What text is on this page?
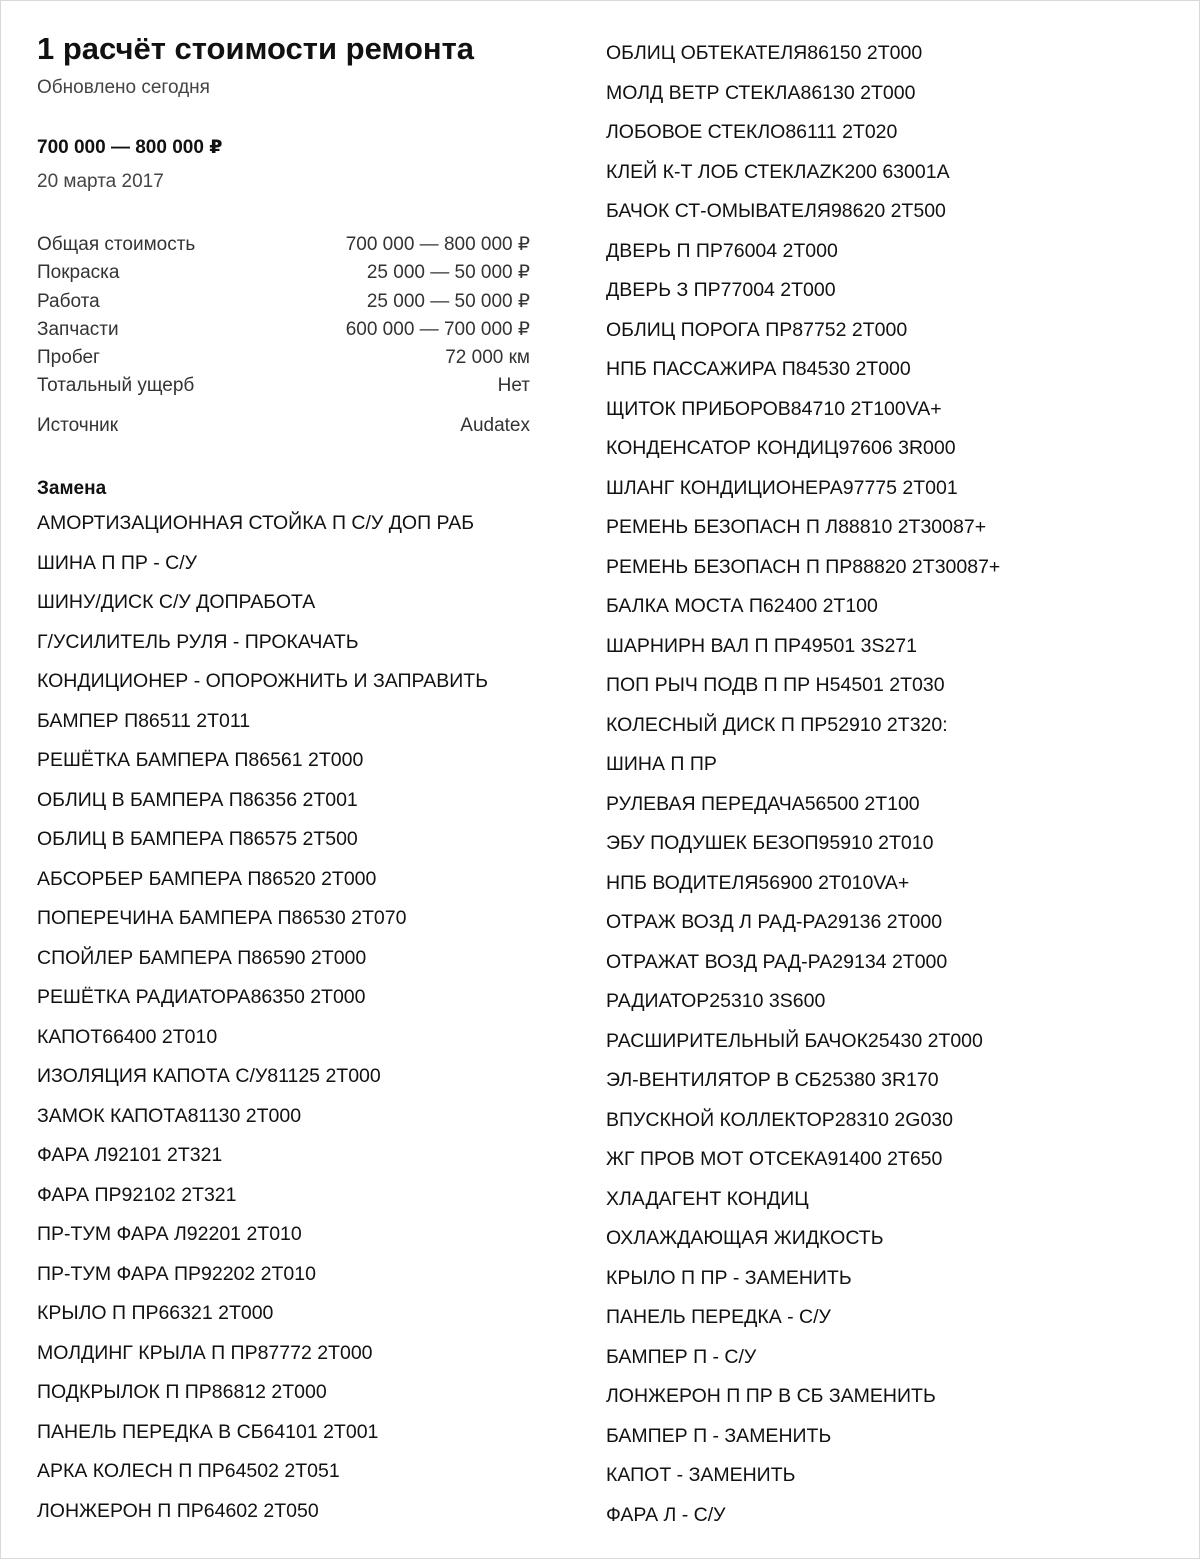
1 расчёт стоимости ремонта
Обновлено сегодня
700 000 — 800 000 ₽
20 марта 2017
Общая стоимость	700 000 — 800 000 ₽
Покраска	25 000 — 50 000 ₽
Работа	25 000 — 50 000 ₽
Запчасти	600 000 — 700 000 ₽
Пробег	72 000 км
Тотальный ущерб	Нет
Источник	Audatex
Замена
АМОРТИЗАЦИОННАЯ СТОЙКА П С/У ДОП РАБ
ШИНА П ПР - С/У
ШИНУ/ДИСК С/У ДОПРАБОТА
Г/УСИЛИТЕЛЬ РУЛЯ - ПРОКАЧАТЬ
КОНДИЦИОНЕР - ОПОРОЖНИТЬ И ЗАПРАВИТЬ
БАМПЕР П86511 2Т011
РЕШЁТКА БАМПЕРА П86561 2Т000
ОБЛИЦ В БАМПЕРА П86356 2Т001
ОБЛИЦ В БАМПЕРА П86575 2Т500
АБСОРБЕР БАМПЕРА П86520 2Т000
ПОПЕРЕЧИНА БАМПЕРА П86530 2Т070
СПОЙЛЕР БАМПЕРА П86590 2Т000
РЕШЁТКА РАДИАТОРА86350 2Т000
КАПОТ66400 2Т010
ИЗОЛЯЦИЯ КАПОТА С/У81125 2Т000
ЗАМОК КАПОТА81130 2Т000
ФАРА Л92101 2Т321
ФАРА ПР92102 2Т321
ПР-ТУМ ФАРА Л92201 2Т010
ПР-ТУМ ФАРА ПР92202 2Т010
КРЫЛО П ПР66321 2Т000
МОЛДИНГ КРЫЛА П ПР87772 2Т000
ПОДКРЫЛОК П ПР86812 2Т000
ПАНЕЛЬ ПЕРЕДКА В СБ64101 2Т001
АРКА КОЛЕСН П ПР64502 2Т051
ЛОНЖЕРОН П ПР64602 2Т050
ОБЛИЦ ОБТЕКАТЕЛЯ86150 2Т000
МОЛД ВЕТР СТЕКЛА86130 2Т000
ЛОБОВОЕ СТЕКЛО86111 2Т020
КЛЕЙ К-Т ЛОБ СТЕКЛАZK200 63001A
БАЧОК СТ-ОМЫВАТЕЛЯ98620 2Т500
ДВЕРЬ П ПР76004 2Т000
ДВЕРЬ З ПР77004 2Т000
ОБЛИЦ ПОРОГА ПР87752 2Т000
НПБ ПАССАЖИРА П84530 2Т000
ЩИТОК ПРИБОРОВ84710 2Т100VA+
КОНДЕНСАТОР КОНДИЦ97606 3R000
ШЛАНГ КОНДИЦИОНЕРА97775 2Т001
РЕМЕНЬ БЕЗОПАСН П Л88810 2Т30087+
РЕМЕНЬ БЕЗОПАСН П ПР88820 2Т30087+
БАЛКА МОСТА П62400 2Т100
ШАРНИРН ВАЛ П ПР49501 3S271
ПОП РЫЧ ПОДВ П ПР H54501 2Т030
КОЛЕСНЫЙ ДИСК П ПР52910 2Т320:
ШИНА П ПР
РУЛЕВАЯ ПЕРЕДАЧА56500 2Т100
ЭБУ ПОДУШЕК БЕЗОП95910 2Т010
НПБ ВОДИТЕЛЯ56900 2Т010VA+
ОТРАЖ ВОЗД Л РАД-РА29136 2Т000
ОТРАЖАТ ВОЗД РАД-РА29134 2Т000
РАДИАТОР25310 3S600
РАСШИРИТЕЛЬНЫЙ БАЧОК25430 2Т000
ЭЛ-ВЕНТИЛЯТОР В СБ25380 3R170
ВПУСКНОЙ КОЛЛЕКТОР28310 2G030
ЖГ ПРОВ МОТ ОТСЕКА91400 2Т650
ХЛАДАГЕНТ КОНДИЦ
ОХЛАЖДАЮЩАЯ ЖИДКОСТЬ
КРЫЛО П ПР - ЗАМЕНИТЬ
ПАНЕЛЬ ПЕРЕДКА - С/У
БАМПЕР П - С/У
ЛОНЖЕРОН П ПР В СБ ЗАМЕНИТЬ
БАМПЕР П - ЗАМЕНИТЬ
КАПОТ - ЗАМЕНИТЬ
ФАРА Л - С/У
